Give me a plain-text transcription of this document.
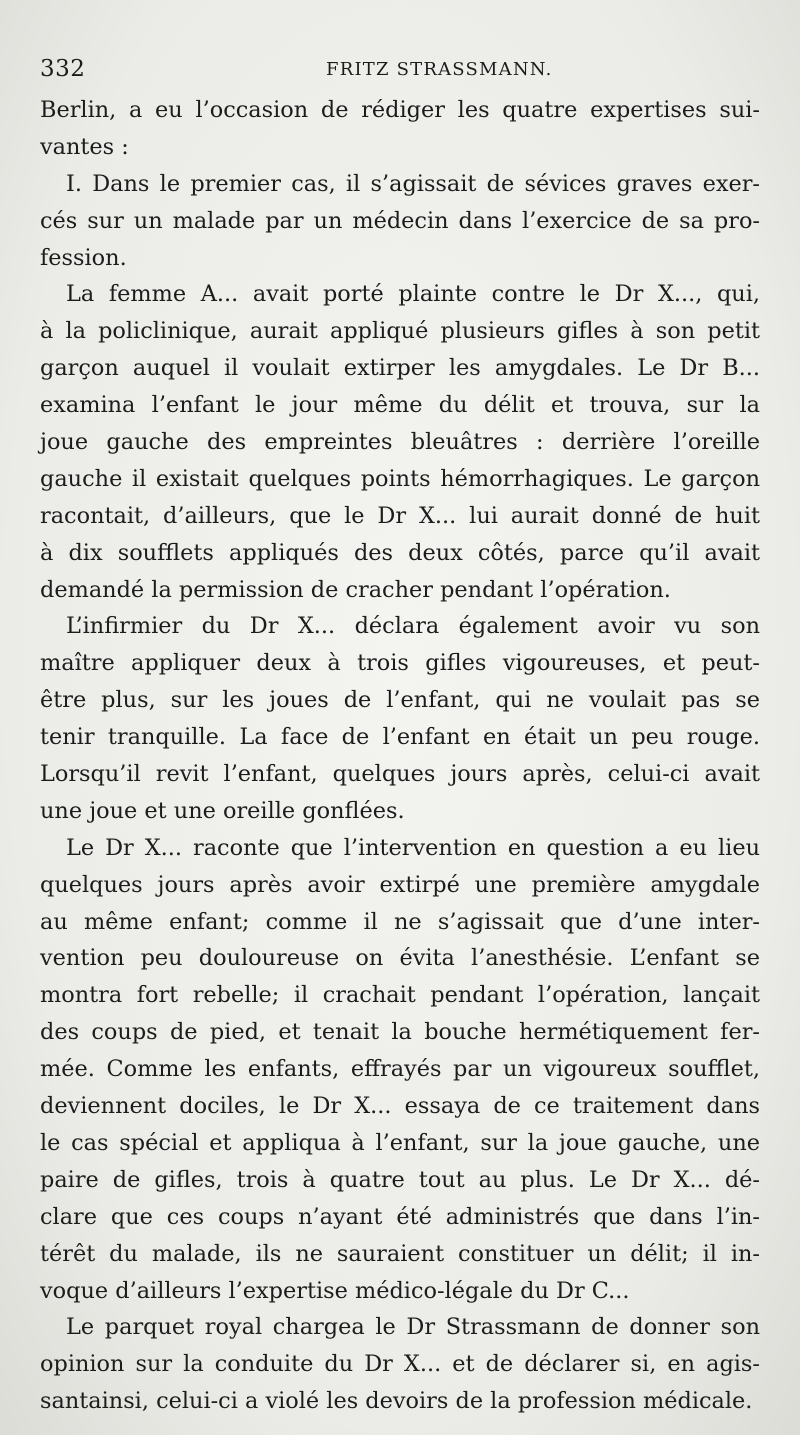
332	FRITZ STRASSMANN.
Berlin, a eu l’occasion de rédiger les quatre expertises sui-
vantes :
I. Dans le premier cas, il s’agissait de sévices graves exer-
cés sur un malade par un médecin dans l’exercice de sa pro-
fession.
La femme A... avait porté plainte contre le Dr X..., qui,
à la policlinique, aurait appliqué plusieurs gifles à son petit
garçon auquel il voulait extirper les amygdales. Le Dr B...
examina l’enfant le jour même du délit et trouva, sur la
joue gauche des empreintes bleuâtres : derrière l’oreille
gauche il existait quelques points hémorrhagiques. Le garçon
racontait, d’ailleurs, que le Dr X... lui aurait donné de huit
à dix soufflets appliqués des deux côtés, parce qu’il avait
demandé la permission de cracher pendant l’opération.
L’infirmier du Dr X... déclara également avoir vu son
maître appliquer deux à trois gifles vigoureuses, et peut-
être plus, sur les joues de l’enfant, qui ne voulait pas se
tenir tranquille. La face de l’enfant en était un peu rouge.
Lorsqu’il revit l’enfant, quelques jours après, celui-ci avait
une joue et une oreille gonflées.
Le Dr X... raconte que l’intervention en question a eu lieu
quelques jours après avoir extirpé une première amygdale
au même enfant; comme il ne s’agissait que d’une inter-
vention peu douloureuse on évita l’anesthésie. L’enfant se
montra fort rebelle; il crachait pendant l’opération, lançait
des coups de pied, et tenait la bouche hermétiquement fer-
mée. Comme les enfants, effrayés par un vigoureux soufflet,
deviennent dociles, le Dr X... essaya de ce traitement dans
le cas spécial et appliqua à l’enfant, sur la joue gauche, une
paire de gifles, trois à quatre tout au plus. Le Dr X... dé-
clare que ces coups n’ayant été administrés que dans l’in-
térêt du malade, ils ne sauraient constituer un délit; il in-
voque d’ailleurs l’expertise médico-légale du Dr C...
Le parquet royal chargea le Dr Strassmann de donner son
opinion sur la conduite du Dr X... et de déclarer si, en agis-
santainsi, celui-ci a violé les devoirs de la profession médicale.
